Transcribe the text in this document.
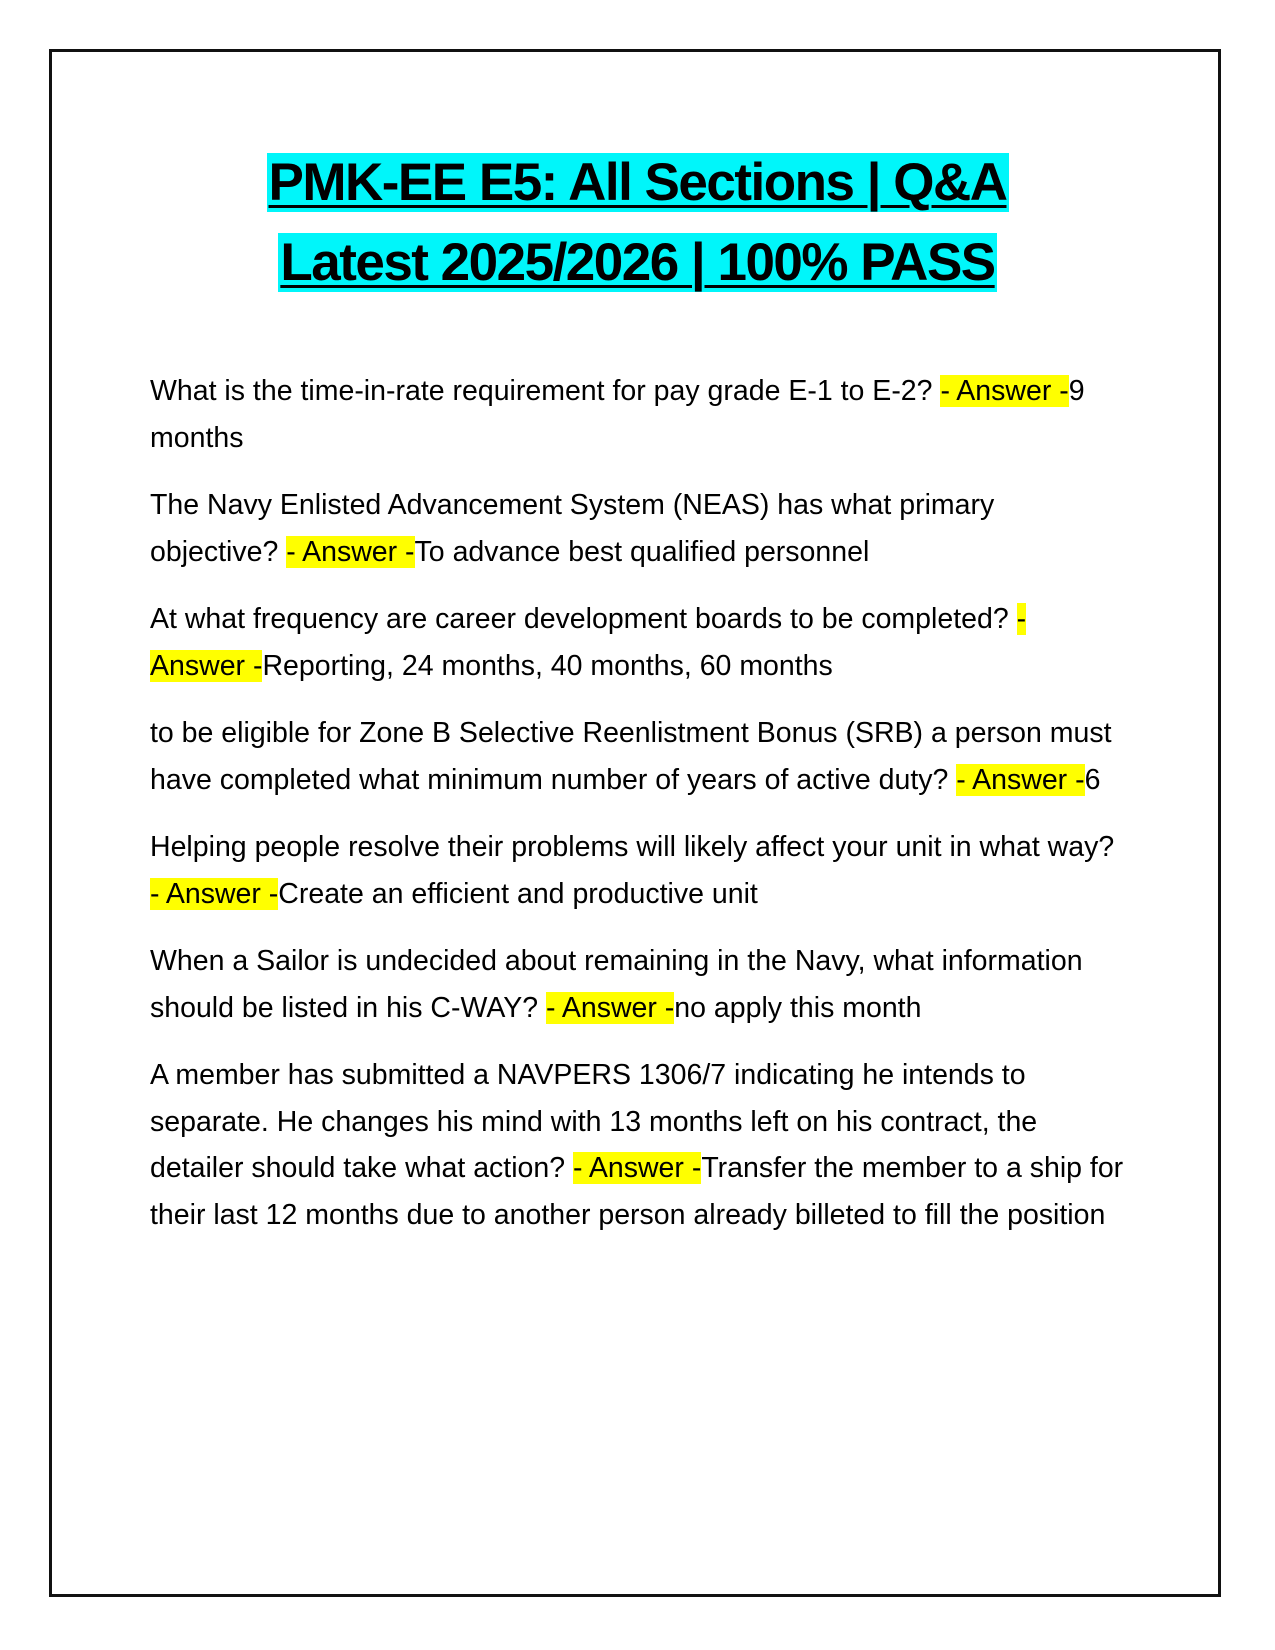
PMK-EE E5: All Sections | Q&A
Latest 2025/2026 | 100% PASS

What is the time-in-rate requirement for pay grade E-1 to E-2? - Answer -9 months

The Navy Enlisted Advancement System (NEAS) has what primary objective? - Answer -To advance best qualified personnel

At what frequency are career development boards to be completed? - Answer -Reporting, 24 months, 40 months, 60 months

to be eligible for Zone B Selective Reenlistment Bonus (SRB) a person must have completed what minimum number of years of active duty? - Answer -6

Helping people resolve their problems will likely affect your unit in what way? - Answer -Create an efficient and productive unit

When a Sailor is undecided about remaining in the Navy, what information should be listed in his C-WAY? - Answer -no apply this month

A member has submitted a NAVPERS 1306/7 indicating he intends to separate. He changes his mind with 13 months left on his contract, the detailer should take what action? - Answer -Transfer the member to a ship for their last 12 months due to another person already billeted to fill the position
